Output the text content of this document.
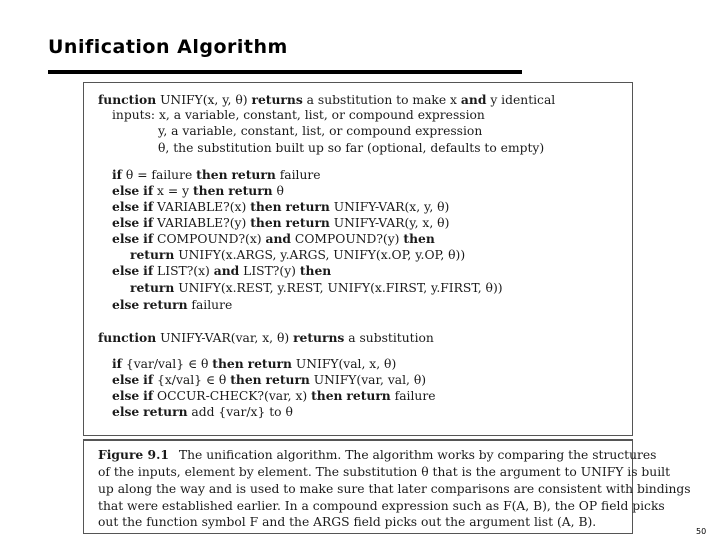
Unification Algorithm
function UNIFY(x, y, θ) returns a substitution to make x and y identical
inputs: x, a variable, constant, list, or compound expression
y, a variable, constant, list, or compound expression
θ, the substitution built up so far (optional, defaults to empty)
if θ = failure then return failure
else if x = y then return θ
else if VARIABLE?(x) then return UNIFY-VAR(x, y, θ)
else if VARIABLE?(y) then return UNIFY-VAR(y, x, θ)
else if COMPOUND?(x) and COMPOUND?(y) then
return UNIFY(x.ARGS, y.ARGS, UNIFY(x.OP, y.OP, θ))
else if LIST?(x) and LIST?(y) then
return UNIFY(x.REST, y.REST, UNIFY(x.FIRST, y.FIRST, θ))
else return failure
function UNIFY-VAR(var, x, θ) returns a substitution
if {var/val} ∈ θ then return UNIFY(val, x, θ)
else if {x/val} ∈ θ then return UNIFY(var, val, θ)
else if OCCUR-CHECK?(var, x) then return failure
else return add {var/x} to θ
Figure 9.1 The unification algorithm. The algorithm works by comparing the structures
of the inputs, element by element. The substitution θ that is the argument to UNIFY is built
up along the way and is used to make sure that later comparisons are consistent with bindings
that were established earlier. In a compound expression such as F(A, B), the OP field picks
out the function symbol F and the ARGS field picks out the argument list (A, B).
50
